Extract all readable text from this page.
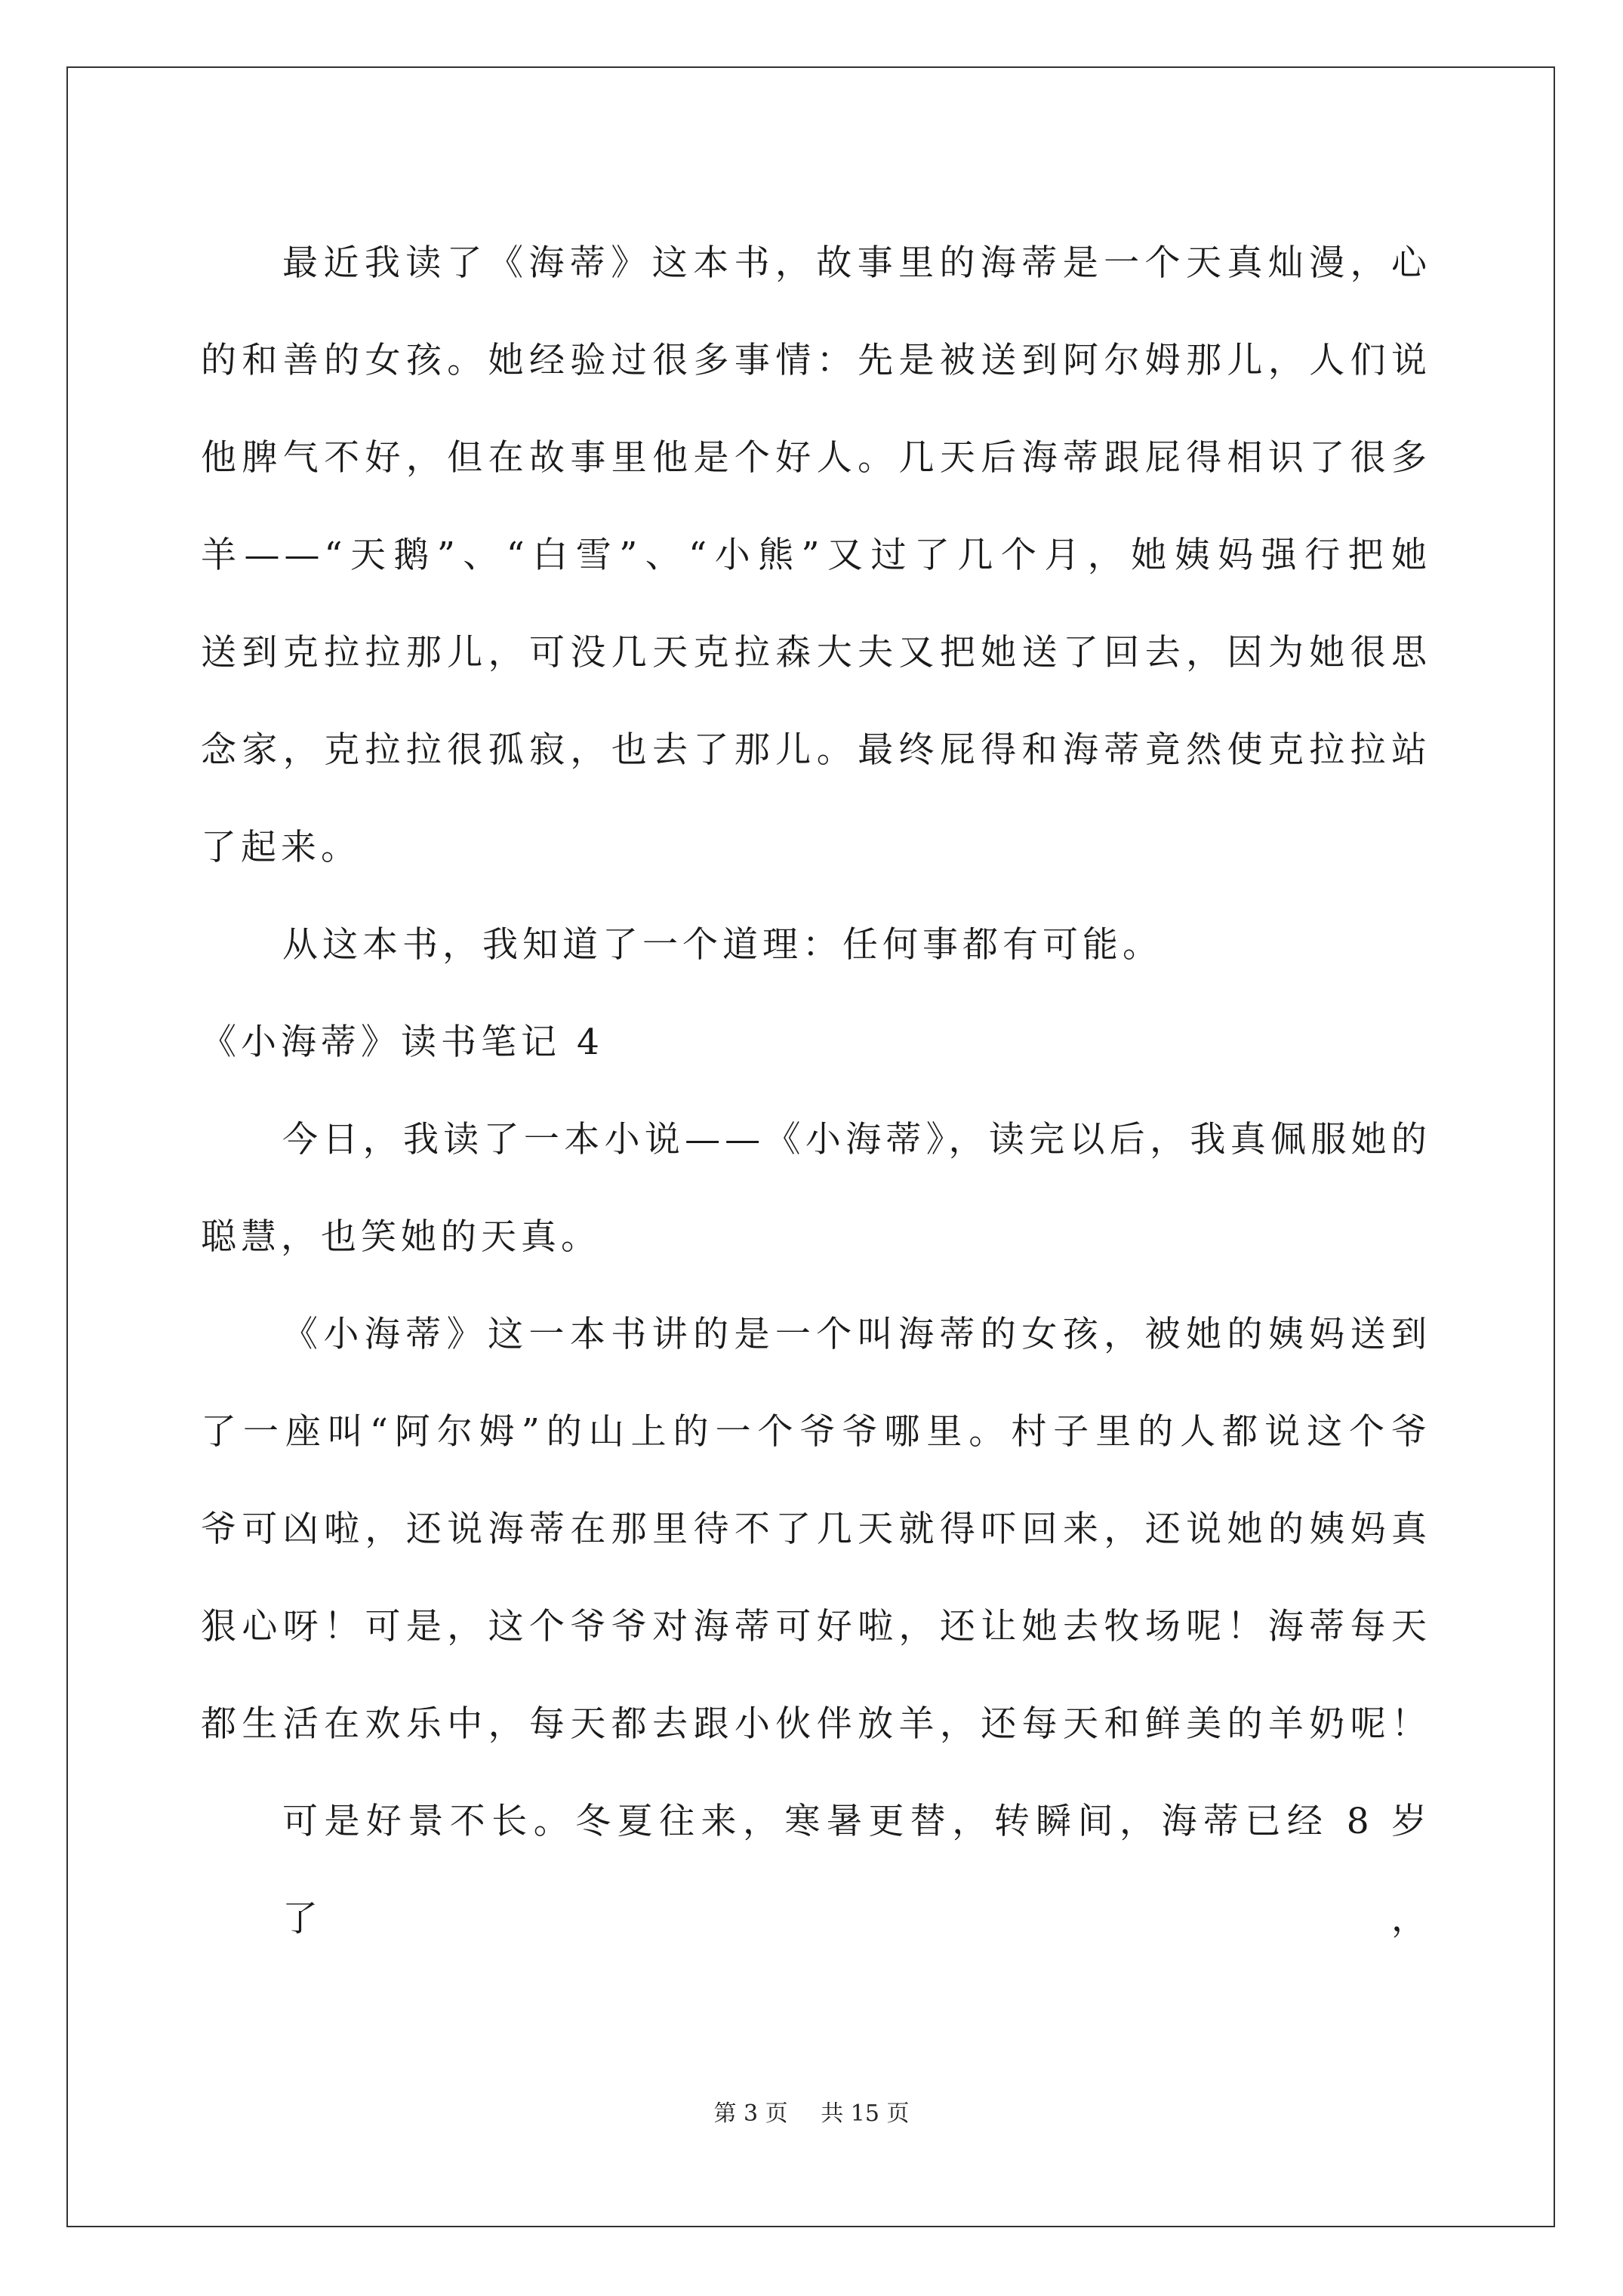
最近我读了《海蒂》这本书，故事里的海蒂是一个天真灿漫，心
的和善的女孩。她经验过很多事情：先是被送到阿尔姆那儿，人们说
他脾气不好，但在故事里他是个好人。几天后海蒂跟屁得相识了很多
羊——“天鹅”、“白雪”、“小熊”又过了几个月，她姨妈强行把她
送到克拉拉那儿，可没几天克拉森大夫又把她送了回去，因为她很思
念家，克拉拉很孤寂，也去了那儿。最终屁得和海蒂竟然使克拉拉站
了起来。
从这本书，我知道了一个道理：任何事都有可能。
《小海蒂》读书笔记 4
今日，我读了一本小说——《小海蒂》，读完以后，我真佩服她的
聪慧，也笑她的天真。
《小海蒂》这一本书讲的是一个叫海蒂的女孩，被她的姨妈送到
了一座叫“阿尔姆”的山上的一个爷爷哪里。村子里的人都说这个爷
爷可凶啦，还说海蒂在那里待不了几天就得吓回来，还说她的姨妈真
狠心呀！可是，这个爷爷对海蒂可好啦，还让她去牧场呢！海蒂每天
都生活在欢乐中，每天都去跟小伙伴放羊，还每天和鲜美的羊奶呢！
可是好景不长。冬夏往来，寒暑更替，转瞬间，海蒂已经 8 岁了，
第 3 页 共 15 页
